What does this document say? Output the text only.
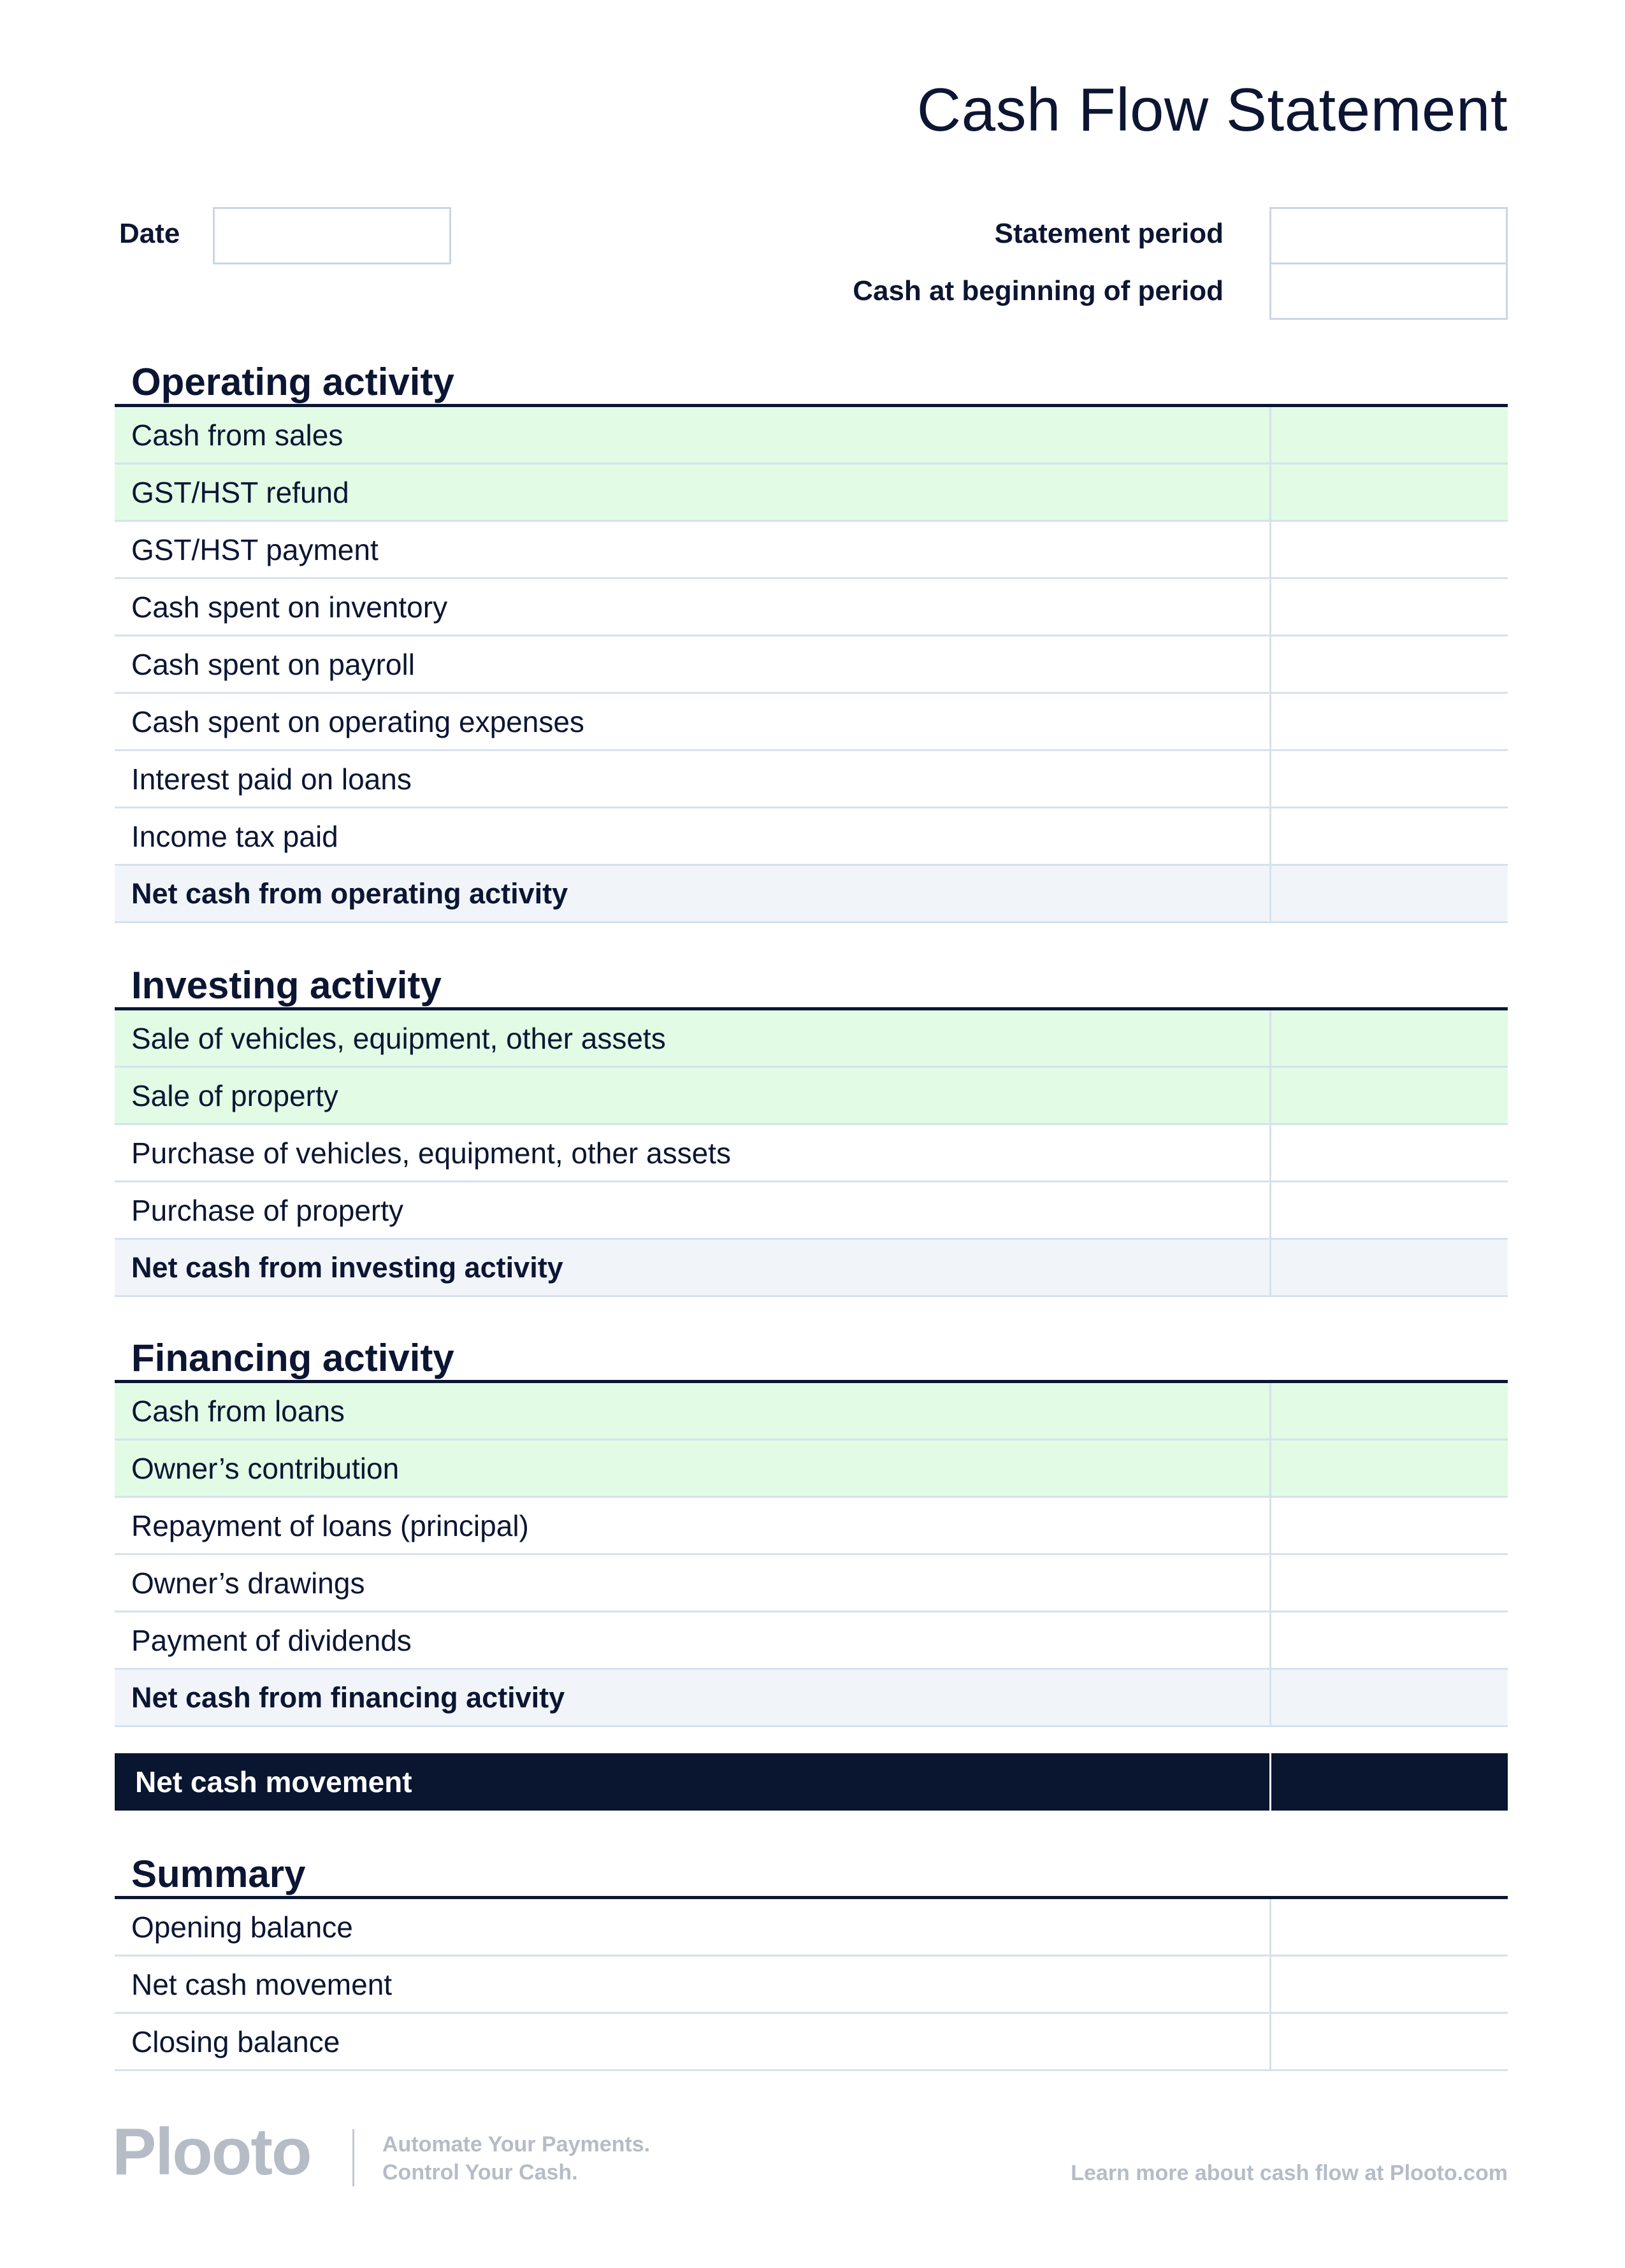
Cash Flow Statement
Date	Statement period
Cash at beginning of period
Operating activity
Cash from sales
GST/HST refund
GST/HST payment
Cash spent on inventory
Cash spent on payroll
Cash spent on operating expenses
Interest paid on loans
Income tax paid
Net cash from operating activity
Investing activity
Sale of vehicles, equipment, other assets
Sale of property
Purchase of vehicles, equipment, other assets
Purchase of property
Net cash from investing activity
Financing activity
Cash from loans
Owner’s contribution
Repayment of loans (principal)
Owner’s drawings
Payment of dividends
Net cash from financing activity
Net cash movement
Summary
Opening balance
Net cash movement
Closing balance
Plooto	Automate Your Payments.
Control Your Cash.	Learn more about cash flow at Plooto.com
